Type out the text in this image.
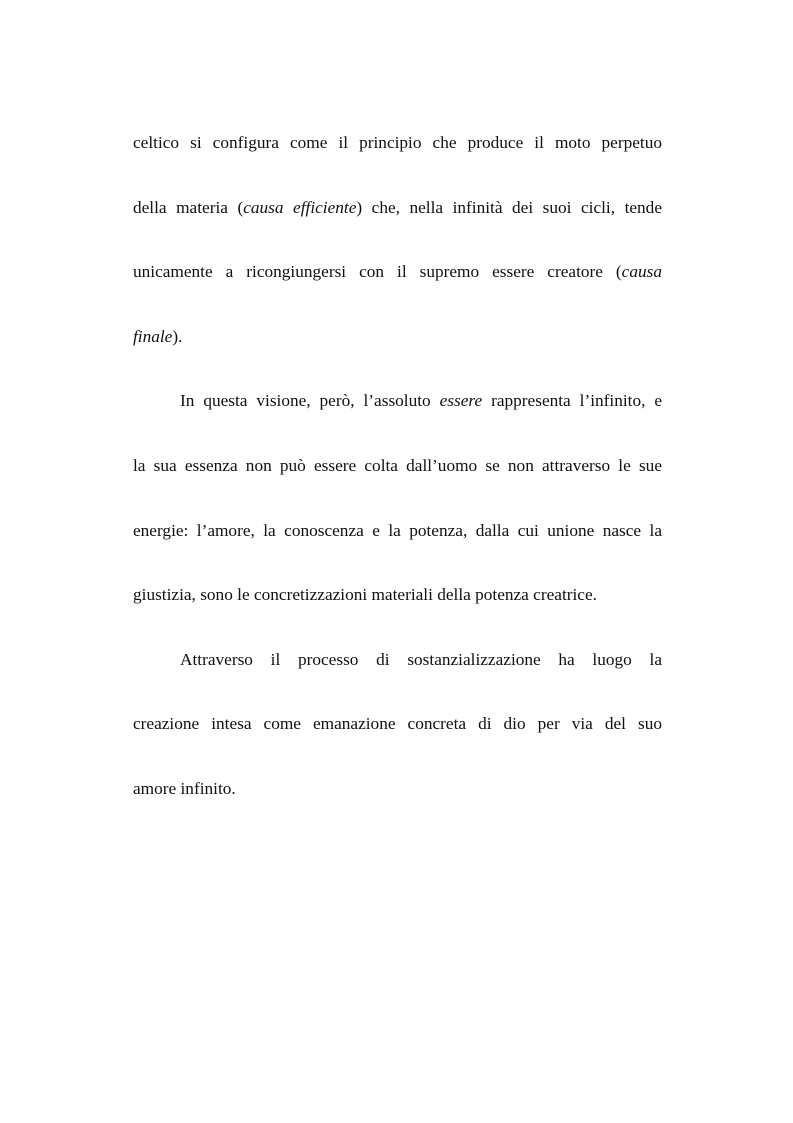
celtico si configura come il principio che produce il moto perpetuo
della materia (causa efficiente) che, nella infinità dei suoi cicli, tende
unicamente a ricongiungersi con il supremo essere creatore (causa
finale).
In questa visione, però, l’assoluto essere rappresenta l’infinito, e
la sua essenza non può essere colta dall’uomo se non attraverso le sue
energie: l’amore, la conoscenza e la potenza, dalla cui unione nasce la
giustizia, sono le concretizzazioni materiali della potenza creatrice.
Attraverso il processo di sostanzializzazione ha luogo la
creazione intesa come emanazione concreta di dio per via del suo
amore infinito.
